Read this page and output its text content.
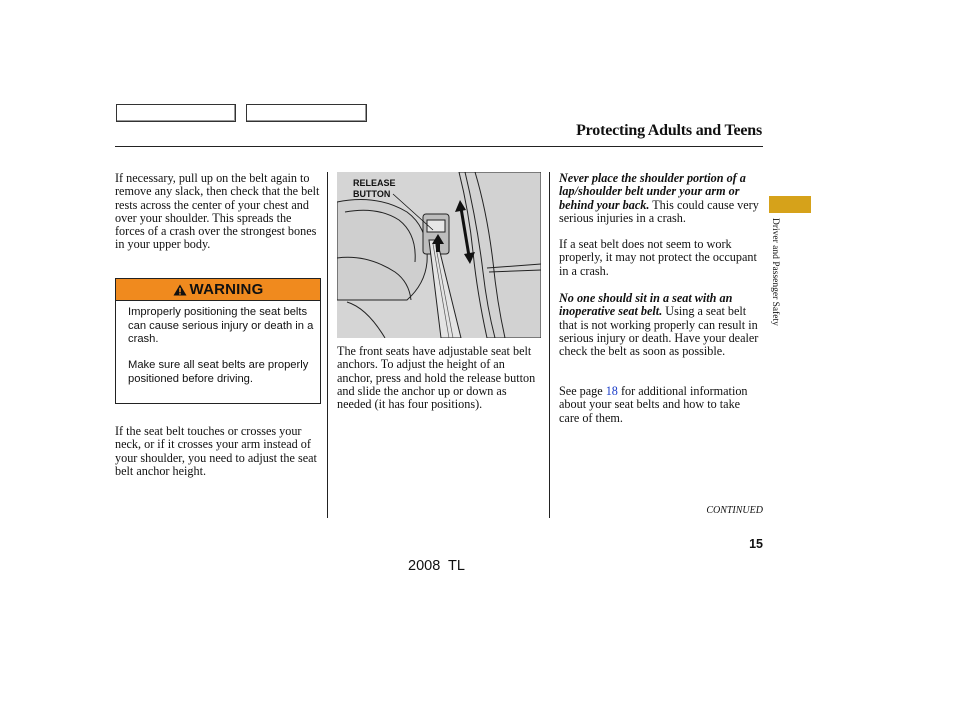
Protecting Adults and Teens

If necessary, pull up on the belt again to remove any slack, then check that the belt rests across the center of your chest and over your shoulder. This spreads the forces of a crash over the strongest bones in your upper body.

WARNING

Improperly positioning the seat belts can cause serious injury or death in a crash.

Make sure all seat belts are properly positioned before driving.

If the seat belt touches or crosses your neck, or if it crosses your arm instead of your shoulder, you need to adjust the seat belt anchor height.

RELEASE
BUTTON

The front seats have adjustable seat belt anchors. To adjust the height of an anchor, press and hold the release button and slide the anchor up or down as needed (it has four positions).

Never place the shoulder portion of a lap/shoulder belt under your arm or behind your back. This could cause very serious injuries in a crash.

If a seat belt does not seem to work properly, it may not protect the occupant in a crash.

No one should sit in a seat with an inoperative seat belt. Using a seat belt that is not working properly can result in serious injury or death. Have your dealer check the belt as soon as possible.

See page 18 for additional information about your seat belts and how to take care of them.

Driver and Passenger Safety
CONTINUED
15
2008  TL
